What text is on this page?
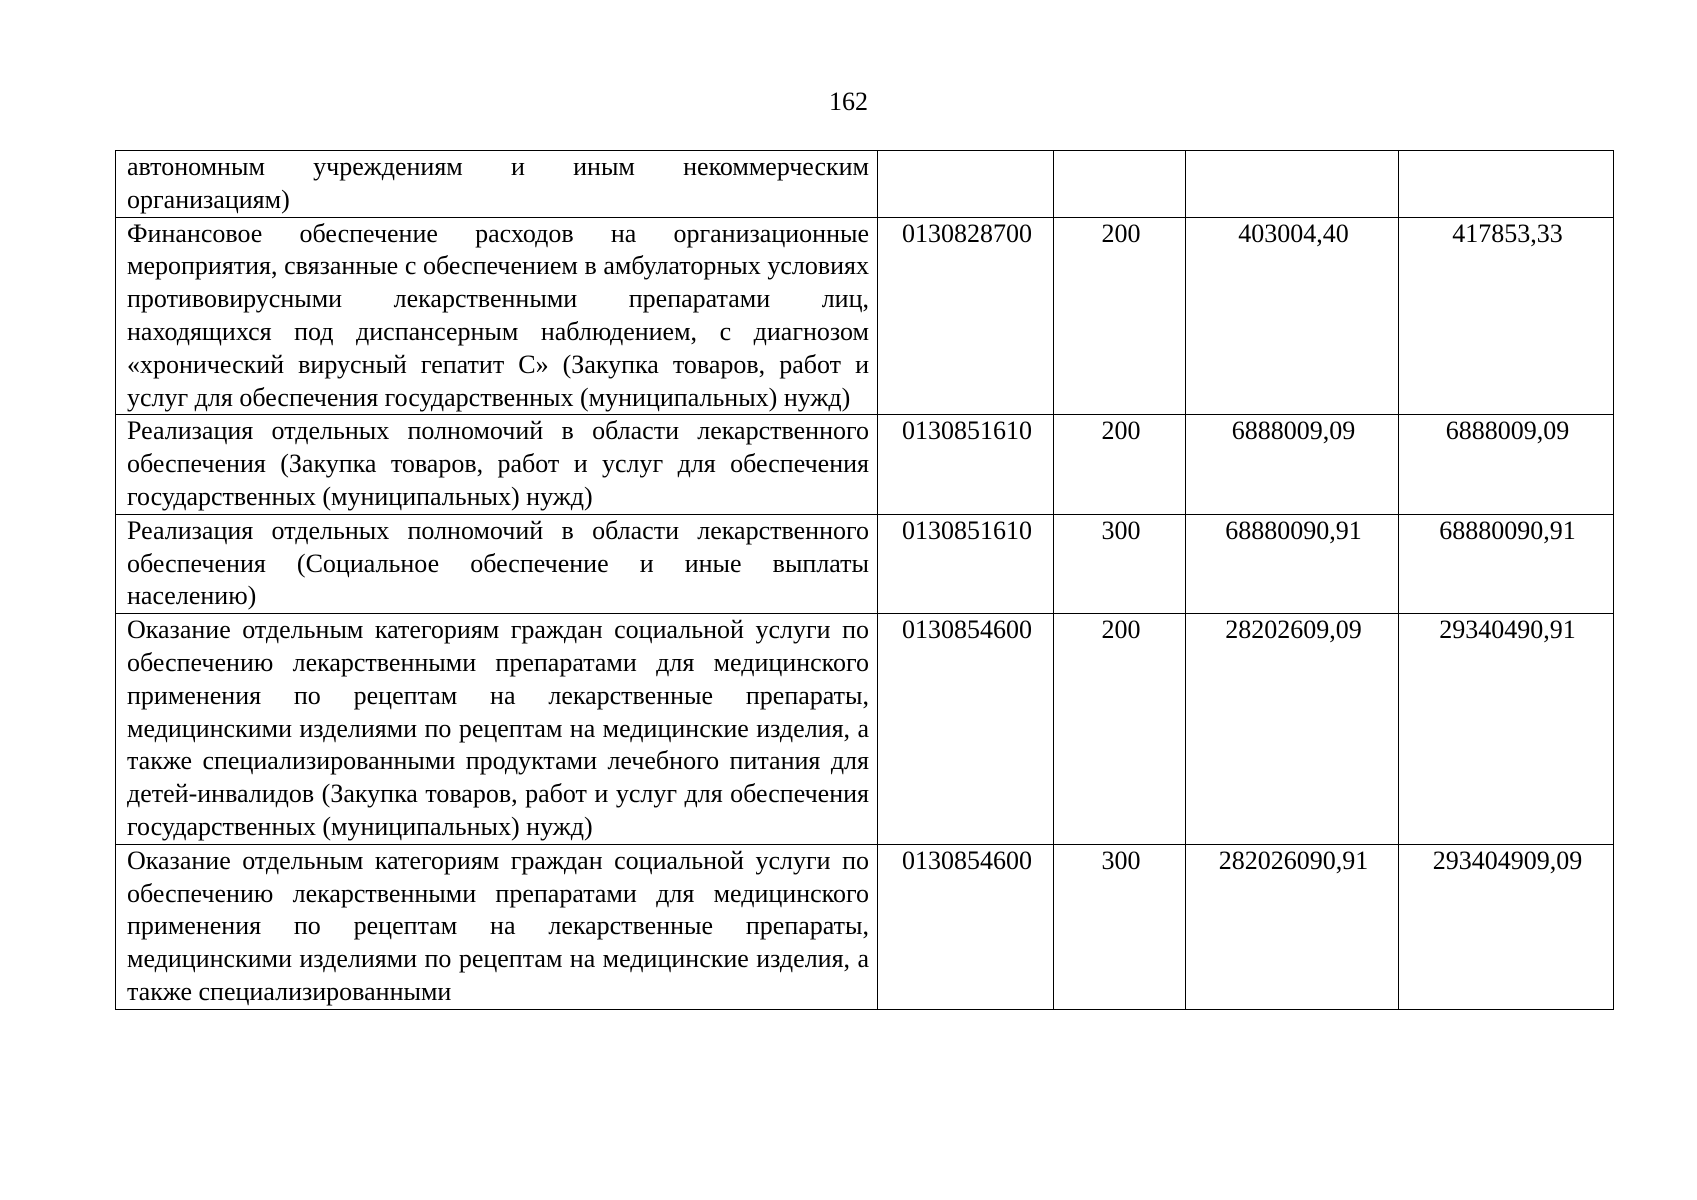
162
автономным учреждениям и иным некоммерческим организациям)				
Финансовое обеспечение расходов на организационные мероприятия, связанные с обеспечением в амбулаторных условиях противовирусными лекарственными препаратами лиц, находящихся под диспансерным наблюдением, с диагнозом «хронический вирусный гепатит С» (Закупка товаров, работ и услуг для обеспечения государственных (муниципальных) нужд)	0130828700	200	403004,40	417853,33
Реализация отдельных полномочий в области лекарственного обеспечения (Закупка товаров, работ и услуг для обеспечения государственных (муниципальных) нужд)	0130851610	200	6888009,09	6888009,09
Реализация отдельных полномочий в области лекарственного обеспечения (Социальное обеспечение и иные выплаты населению)	0130851610	300	68880090,91	68880090,91
Оказание отдельным категориям граждан социальной услуги по обеспечению лекарственными препаратами для медицинского применения по рецептам на лекарственные препараты, медицинскими изделиями по рецептам на медицинские изделия, а также специализированными продуктами лечебного питания для детей-инвалидов (Закупка товаров, работ и услуг для обеспечения государственных (муниципальных) нужд)	0130854600	200	28202609,09	29340490,91
Оказание отдельным категориям граждан социальной услуги по обеспечению лекарственными препаратами для медицинского применения по рецептам на лекарственные препараты, медицинскими изделиями по рецептам на медицинские изделия, а также специализированными	0130854600	300	282026090,91	293404909,09
